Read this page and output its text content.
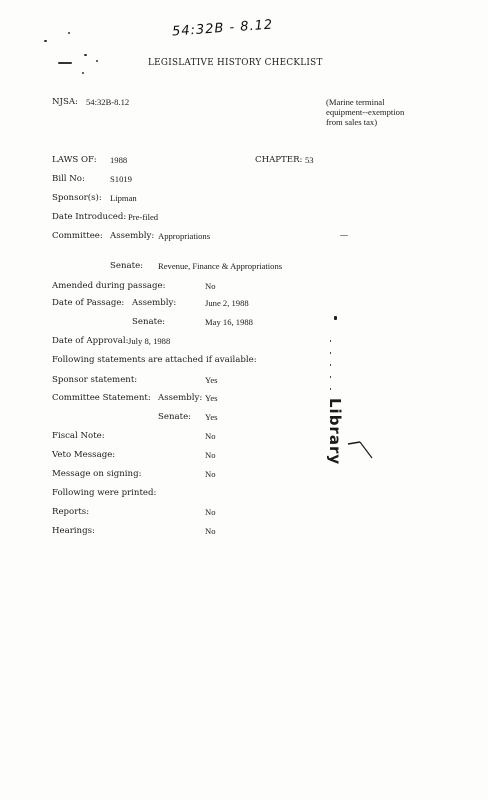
54:32B - 8.12
LEGISLATIVE HISTORY CHECKLIST
NJSA: 54:32B-8.12	(Marine terminal
equipment--exemption
from sales tax)
LAWS OF: 1988	CHAPTER: 53
Bill No:	S1019
Sponsor(s): Lipman
Date Introduced: Pre-filed
Committee: Assembly: Appropriations
Senate: Revenue, Finance & Appropriations
Amended during passage:	No
Date of Passage: Assembly:	June 2, 1988
Senate:	May 16, 1988
Date of Approval: July 8, 1988
Following statements are attached if available:
Sponsor statement:	Yes
Committee Statement: Assembly: Yes
Senate: Yes
Fiscal Note:	No
Veto Message:	No
Message on signing:	No
Following were printed:
Reports:	No
Hearings:	No
Library
